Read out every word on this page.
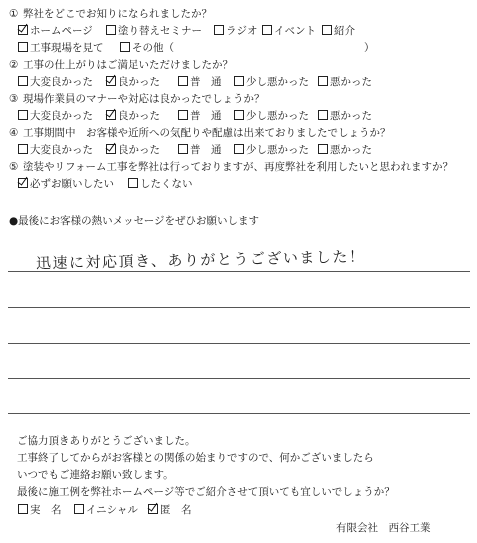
① 弊社をどこでお知りになられましたか？
ホームページ	塗り替えセミナー	ラジオ	イベント	紹介
工事現場を見て	その他（	）
② 工事の仕上がりはご満足いただけましたか？
大変良かった	良かった	普　通	少し悪かった	悪かった
③ 現場作業員のマナーや対応は良かったでしょうか？
大変良かった	良かった	普　通	少し悪かった	悪かった
④ 工事期間中　お客様や近所への気配りや配慮は出来ておりましたでしょうか？
大変良かった	良かった	普　通	少し悪かった	悪かった
⑤ 塗装やリフォーム工事を弊社は行っておりますが、再度弊社を利用したいと思われますか？
必ずお願いしたい	したくない
●最後にお客様の熱いメッセージをぜひお願いします
迅速に対応頂き、ありがとうございました！
ご協力頂きありがとうございました。
工事終了してからがお客様との関係の始まりですので、何かございましたら
いつでもご連絡お願い致します。
最後に施工例を弊社ホームページ等でご紹介させて頂いても宜しいでしょうか？
実　名	イニシャル	匿　名
有限会社　西谷工業
